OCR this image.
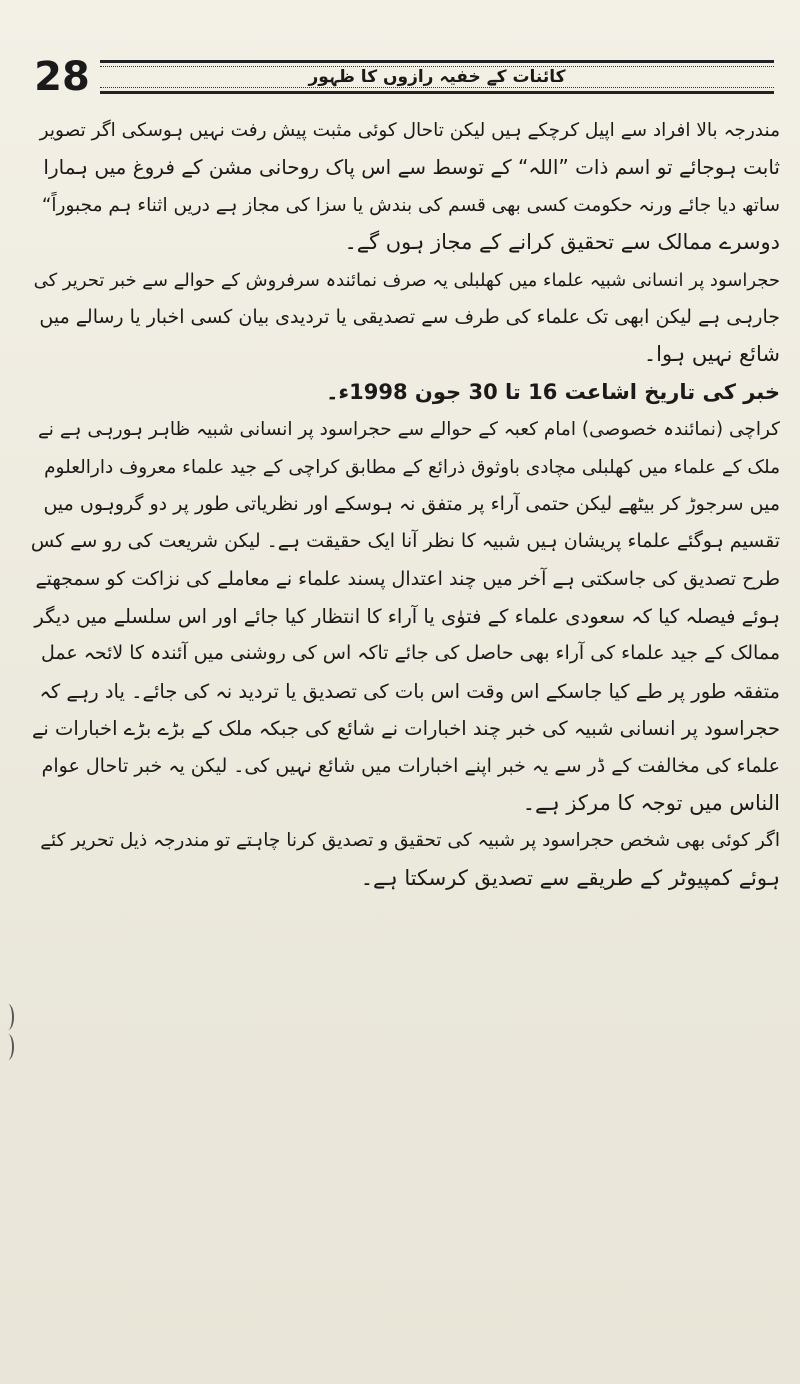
28	کائنات کے خفیہ رازوں کا ظہور
مندرجہ بالا افراد سے اپیل کرچکے ہیں لیکن تاحال کوئی مثبت پیش رفت نہیں ہوسکی اگر تصویر
ثابت ہوجائے تو اسم ذات ”اللہ“ کے توسط سے اس پاک روحانی مشن کے فروغ میں ہمارا
ساتھ دیا جائے ورنہ حکومت کسی بھی قسم کی بندش یا سزا کی مجاز ہے دریں اثناء ہم مجبوراً“
دوسرے ممالک سے تحقیق کرانے کے مجاز ہوں گے۔
حجراسود پر انسانی شبیہ علماء میں کھلبلی یہ صرف نمائندہ سرفروش کے حوالے سے خبر تحریر کی
جارہی ہے لیکن ابھی تک علماء کی طرف سے تصدیقی یا تردیدی بیان کسی اخبار یا رسالے میں
شائع نہیں ہوا۔
خبر کی تاریخ اشاعت 16 تا 30 جون 1998ء۔
کراچی (نمائندہ خصوصی) امام کعبہ کے حوالے سے حجراسود پر انسانی شبیہ ظاہر ہورہی ہے نے
ملک کے علماء میں کھلبلی مچادی باوثوق ذرائع کے مطابق کراچی کے جید علماء معروف دارالعلوم
میں سرجوڑ کر بیٹھے لیکن حتمی آراء پر متفق نہ ہوسکے اور نظریاتی طور پر دو گروہوں میں
تقسیم ہوگئے علماء پریشان ہیں شبیہ کا نظر آنا ایک حقیقت ہے۔ لیکن شریعت کی رو سے کس
طرح تصدیق کی جاسکتی ہے آخر میں چند اعتدال پسند علماء نے معاملے کی نزاکت کو سمجھتے
ہوئے فیصلہ کیا کہ سعودی علماء کے فتوٰی یا آراء کا انتظار کیا جائے اور اس سلسلے میں دیگر
ممالک کے جید علماء کی آراء بھی حاصل کی جائے تاکہ اس کی روشنی میں آئندہ کا لائحہ عمل
متفقہ طور پر طے کیا جاسکے اس وقت اس بات کی تصدیق یا تردید نہ کی جائے۔ یاد رہے کہ
حجراسود پر انسانی شبیہ کی خبر چند اخبارات نے شائع کی جبکہ ملک کے بڑے بڑے اخبارات نے
علماء کی مخالفت کے ڈر سے یہ خبر اپنے اخبارات میں شائع نہیں کی۔ لیکن یہ خبر تاحال عوام
الناس میں توجہ کا مرکز ہے۔
اگر کوئی بھی شخص حجراسود پر شبیہ کی تحقیق و تصدیق کرنا چاہتے تو مندرجہ ذیل تحریر کئے
ہوئے کمپیوٹر کے طریقے سے تصدیق کرسکتا ہے۔
